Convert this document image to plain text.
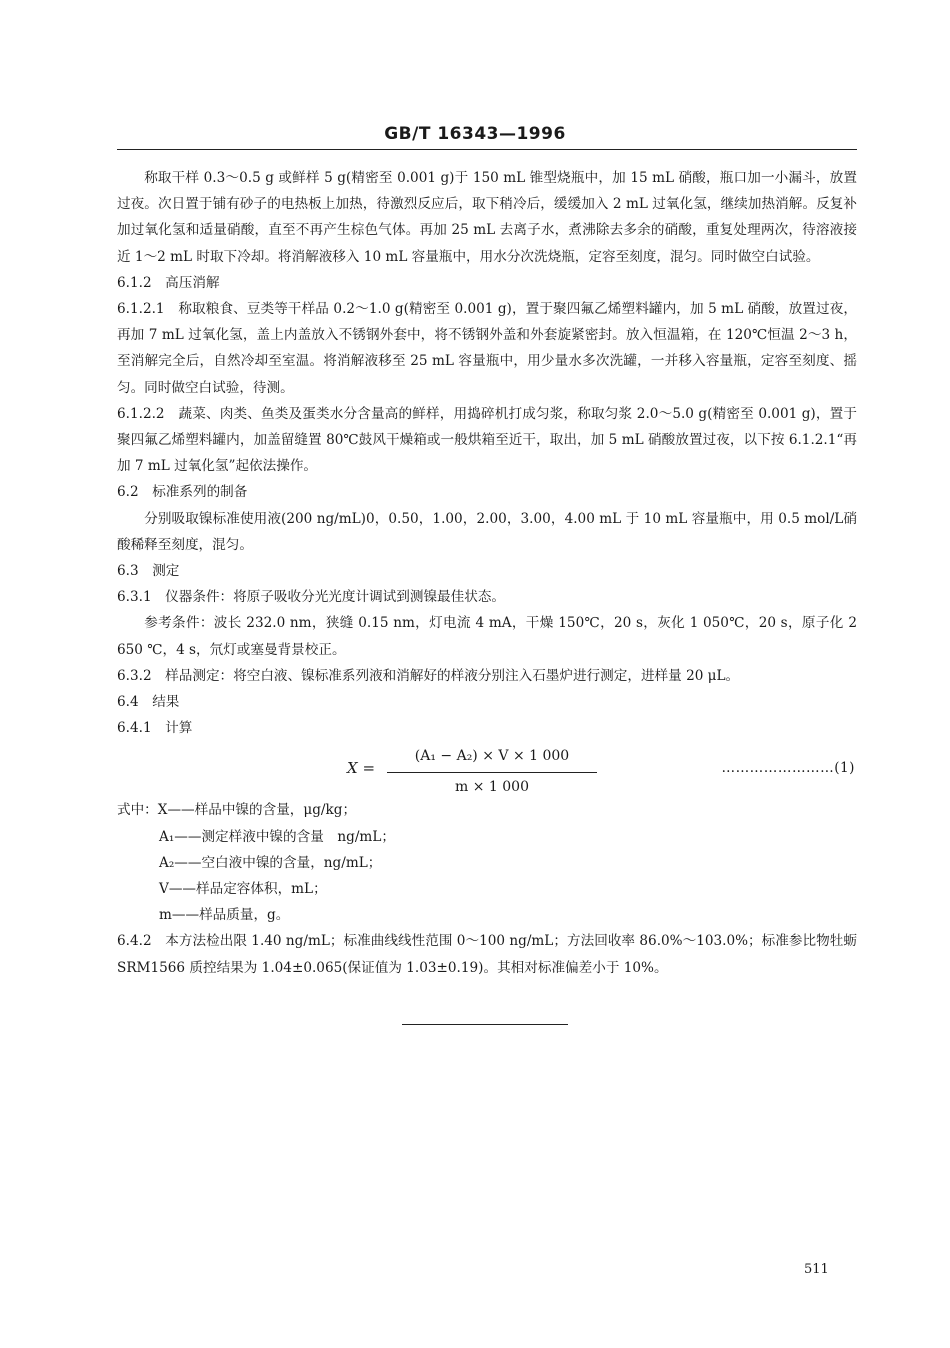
GB/T 16343—1996

称取干样 0.3～0.5 g 或鲜样 5 g(精密至 0.001 g)于 150 mL 锥型烧瓶中，加 15 mL 硝酸，瓶口加一小漏斗，放置过夜。次日置于铺有砂子的电热板上加热，待激烈反应后，取下稍冷后，缓缓加入 2 mL 过氧化氢，继续加热消解。反复补加过氧化氢和适量硝酸，直至不再产生棕色气体。再加 25 mL 去离子水，煮沸除去多余的硝酸，重复处理两次，待溶液接近 1～2 mL 时取下冷却。将消解液移入 10 mL 容量瓶中，用水分次洗烧瓶，定容至刻度，混匀。同时做空白试验。

6.1.2　高压消解

6.1.2.1　称取粮食、豆类等干样品 0.2～1.0 g(精密至 0.001 g)，置于聚四氟乙烯塑料罐内，加 5 mL 硝酸，放置过夜，再加 7 mL 过氧化氢，盖上内盖放入不锈钢外套中，将不锈钢外盖和外套旋紧密封。放入恒温箱，在 120℃恒温 2～3 h，至消解完全后，自然冷却至室温。将消解液移至 25 mL 容量瓶中，用少量水多次洗罐，一并移入容量瓶，定容至刻度、摇匀。同时做空白试验，待测。

6.1.2.2　蔬菜、肉类、鱼类及蛋类水分含量高的鲜样，用捣碎机打成匀浆，称取匀浆 2.0～5.0 g(精密至 0.001 g)，置于聚四氟乙烯塑料罐内，加盖留缝置 80℃鼓风干燥箱或一般烘箱至近干，取出，加 5 mL 硝酸放置过夜，以下按 6.1.2.1“再加 7 mL 过氧化氢”起依法操作。

6.2　标准系列的制备

分别吸取镍标准使用液(200 ng/mL)0，0.50，1.00，2.00，3.00，4.00 mL 于 10 mL 容量瓶中，用 0.5 mol/L硝酸稀释至刻度，混匀。

6.3　测定

6.3.1　仪器条件：将原子吸收分光光度计调试到测镍最佳状态。

参考条件：波长 232.0 nm，狭缝 0.15 nm，灯电流 4 mA，干燥 150℃，20 s，灰化 1 050℃，20 s，原子化 2 650 ℃，4 s，氘灯或塞曼背景校正。

6.3.2　样品测定：将空白液、镍标准系列液和消解好的样液分别注入石墨炉进行测定，进样量 20 μL。

6.4　结果

6.4.1　计算

$X = \frac{\text{(A₁ − A₂) × V × 1 000}}{m \times 1 000}$	……………………(1)

式中：X——样品中镍的含量，μg/kg；

A₁——测定样液中镍的含量　ng/mL；

A₂——空白液中镍的含量，ng/mL；

V——样品定容体积，mL；

m——样品质量，g。

6.4.2　本方法检出限 1.40 ng/mL；标准曲线线性范围 0～100 ng/mL；方法回收率 86.0%～103.0%；标准参比物牡蛎 SRM1566 质控结果为 1.04±0.065(保证值为 1.03±0.19)。其相对标准偏差小于 10%。

511
